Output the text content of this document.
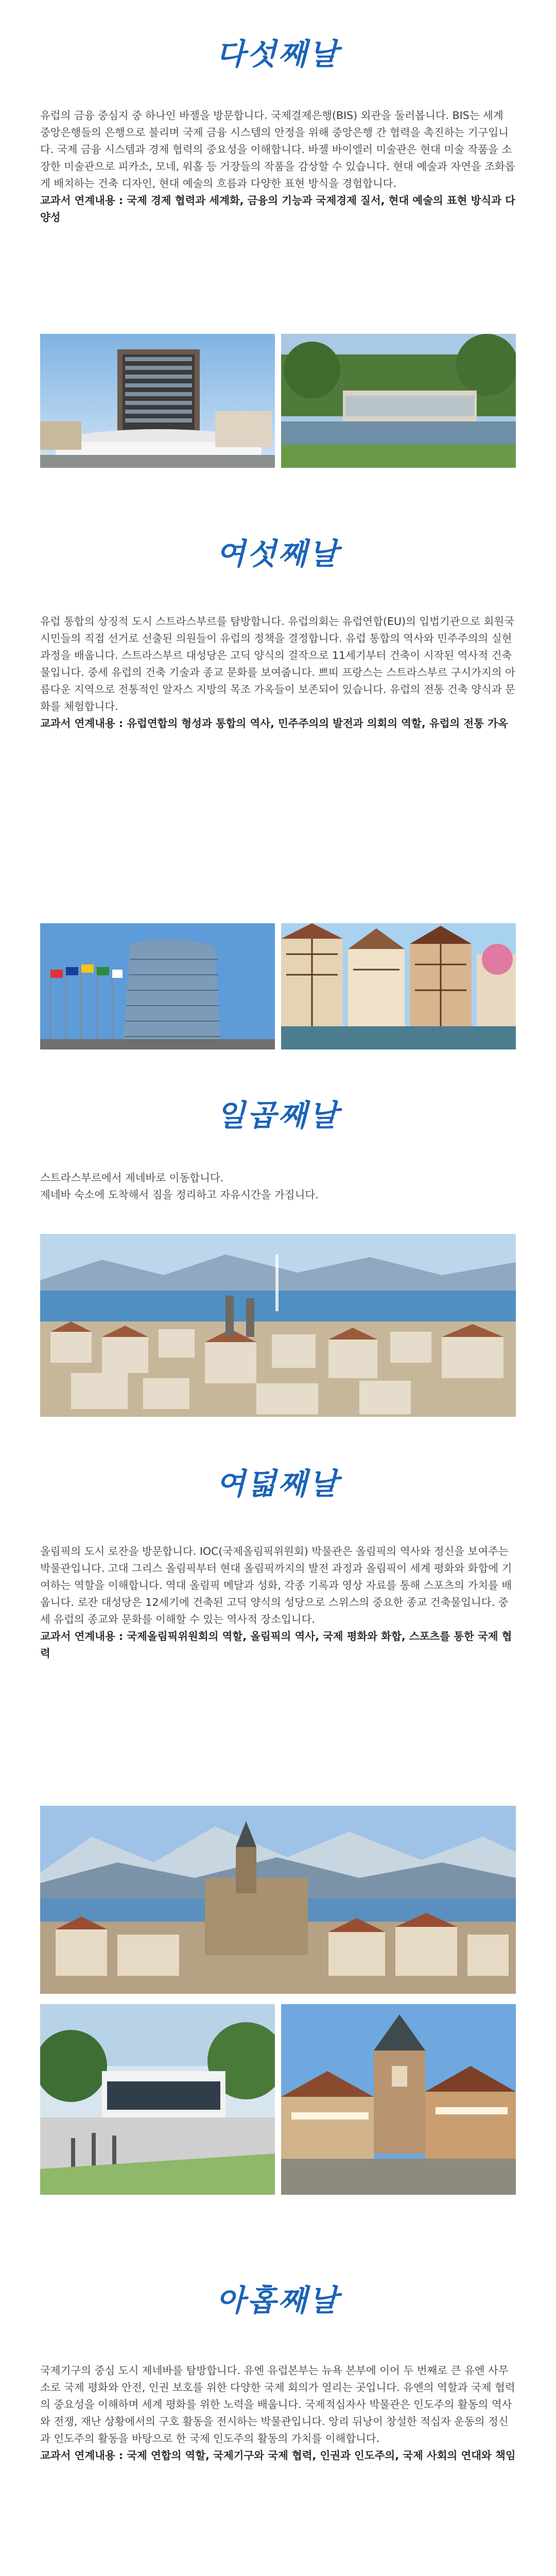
다섯째날

유럽의 금융 중심지 중 하나인 바젤을 방문합니다. 국제결제은행(BIS) 외관을 둘러봅니다. BIS는 세계 중앙은행들의 은행으로 불리며 국제 금융 시스템의 안정을 위해 중앙은행 간 협력을 촉진하는 기구입니다. 국제 금융 시스템과 경제 협력의 중요성을 이해합니다. 바젤 바이엘러 미술관은 현대 미술 작품을 소장한 미술관으로 피카소, 모네, 워홀 등 거장들의 작품을 감상할 수 있습니다. 현대 예술과 자연을 조화롭게 배치하는 건축 디자인, 현대 예술의 흐름과 다양한 표현 방식을 경험합니다.

교과서 연계내용 : 국제 경제 협력과 세계화, 금융의 기능과 국제경제 질서, 현대 예술의 표현 방식과 다양성

여섯째날

유럽 통합의 상징적 도시 스트라스부르를 탐방합니다. 유럽의회는 유럽연합(EU)의 입법기관으로 회원국 시민들의 직접 선거로 선출된 의원들이 유럽의 정책을 결정합니다. 유럽 통합의 역사와 민주주의의 실현 과정을 배웁니다. 스트라스부르 대성당은 고딕 양식의 걸작으로 11세기부터 건축이 시작된 역사적 건축물입니다. 중세 유럽의 건축 기술과 종교 문화를 보여줍니다. 쁘띠 프랑스는 스트라스부르 구시가지의 아름다운 지역으로 전통적인 알자스 지방의 목조 가옥들이 보존되어 있습니다. 유럽의 전통 건축 양식과 문화를 체험합니다.

교과서 연계내용 : 유럽연합의 형성과 통합의 역사, 민주주의의 발전과 의회의 역할, 유럽의 전통 가옥

일곱째날

스트라스부르에서 제네바로 이동합니다.

제네바 숙소에 도착해서 짐을 정리하고 자유시간을 가집니다.

여덟째날

올림픽의 도시 로잔을 방문합니다. IOC(국제올림픽위원회) 박물관은 올림픽의 역사와 정신을 보여주는 박물관입니다. 고대 그리스 올림픽부터 현대 올림픽까지의 발전 과정과 올림픽이 세계 평화와 화합에 기여하는 역할을 이해합니다. 역대 올림픽 메달과 성화, 각종 기록과 영상 자료를 통해 스포츠의 가치를 배웁니다. 로잔 대성당은 12세기에 건축된 고딕 양식의 성당으로 스위스의 중요한 종교 건축물입니다. 중세 유럽의 종교와 문화를 이해할 수 있는 역사적 장소입니다.

교과서 연계내용 : 국제올림픽위원회의 역할, 올림픽의 역사, 국제 평화와 화합, 스포츠를 통한 국제 협력

아홉째날

국제기구의 중심 도시 제네바를 탐방합니다. 유엔 유럽본부는 뉴욕 본부에 이어 두 번째로 큰 유엔 사무소로 국제 평화와 안전, 인권 보호를 위한 다양한 국제 회의가 열리는 곳입니다. 유엔의 역할과 국제 협력의 중요성을 이해하며 세계 평화를 위한 노력을 배웁니다. 국제적십자사 박물관은 인도주의 활동의 역사와 전쟁, 재난 상황에서의 구호 활동을 전시하는 박물관입니다. 앙리 뒤낭이 창설한 적십자 운동의 정신과 인도주의 활동을 바탕으로 한 국제 인도주의 활동의 가치를 이해합니다.

교과서 연계내용 : 국제 연합의 역할, 국제기구와 국제 협력, 인권과 인도주의, 국제 사회의 연대와 책임
